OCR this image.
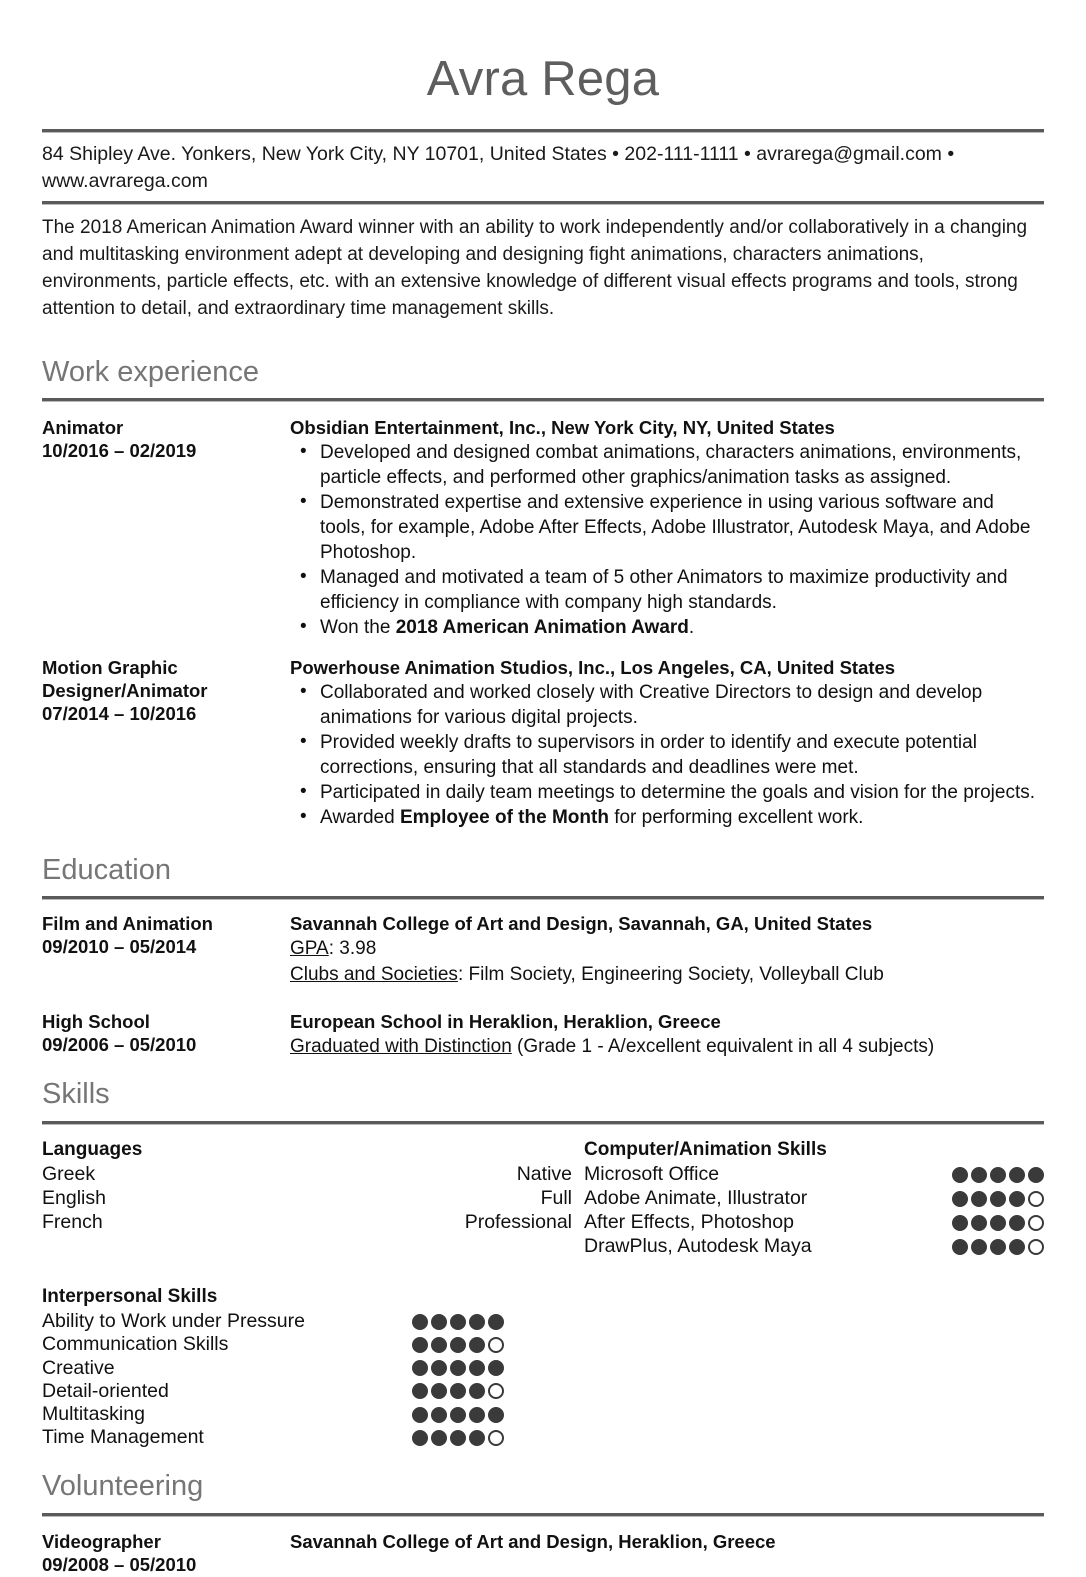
Avra Rega
84 Shipley Ave. Yonkers, New York City, NY 10701, United States • 202-111-1111 • avrarega@gmail.com • www.avrarega.com
The 2018 American Animation Award winner with an ability to work independently and/or collaboratively in a changing and multitasking environment adept at developing and designing fight animations, characters animations, environments, particle effects, etc. with an extensive knowledge of different visual effects programs and tools, strong attention to detail, and extraordinary time management skills.
Work experience
Animator
10/2016 – 02/2019
Obsidian Entertainment, Inc., New York City, NY, United States
• Developed and designed combat animations, characters animations, environments, particle effects, and performed other graphics/animation tasks as assigned.
• Demonstrated expertise and extensive experience in using various software and tools, for example, Adobe After Effects, Adobe Illustrator, Autodesk Maya, and Adobe Photoshop.
• Managed and motivated a team of 5 other Animators to maximize productivity and efficiency in compliance with company high standards.
• Won the 2018 American Animation Award.
Motion Graphic
Designer/Animator
07/2014 – 10/2016
Powerhouse Animation Studios, Inc., Los Angeles, CA, United States
• Collaborated and worked closely with Creative Directors to design and develop animations for various digital projects.
• Provided weekly drafts to supervisors in order to identify and execute potential corrections, ensuring that all standards and deadlines were met.
• Participated in daily team meetings to determine the goals and vision for the projects.
• Awarded Employee of the Month for performing excellent work.
Education
Film and Animation
09/2010 – 05/2014
Savannah College of Art and Design, Savannah, GA, United States
GPA: 3.98
Clubs and Societies: Film Society, Engineering Society, Volleyball Club
High School
09/2006 – 05/2010
European School in Heraklion, Heraklion, Greece
Graduated with Distinction (Grade 1 - A/excellent equivalent in all 4 subjects)
Skills
Languages
Greek	Native
English	Full
French	Professional
Computer/Animation Skills
Microsoft Office
Adobe Animate, Illustrator
After Effects, Photoshop
DrawPlus, Autodesk Maya
Interpersonal Skills
Ability to Work under Pressure
Communication Skills
Creative
Detail-oriented
Multitasking
Time Management
Volunteering
Videographer
09/2008 – 05/2010
Savannah College of Art and Design, Heraklion, Greece
